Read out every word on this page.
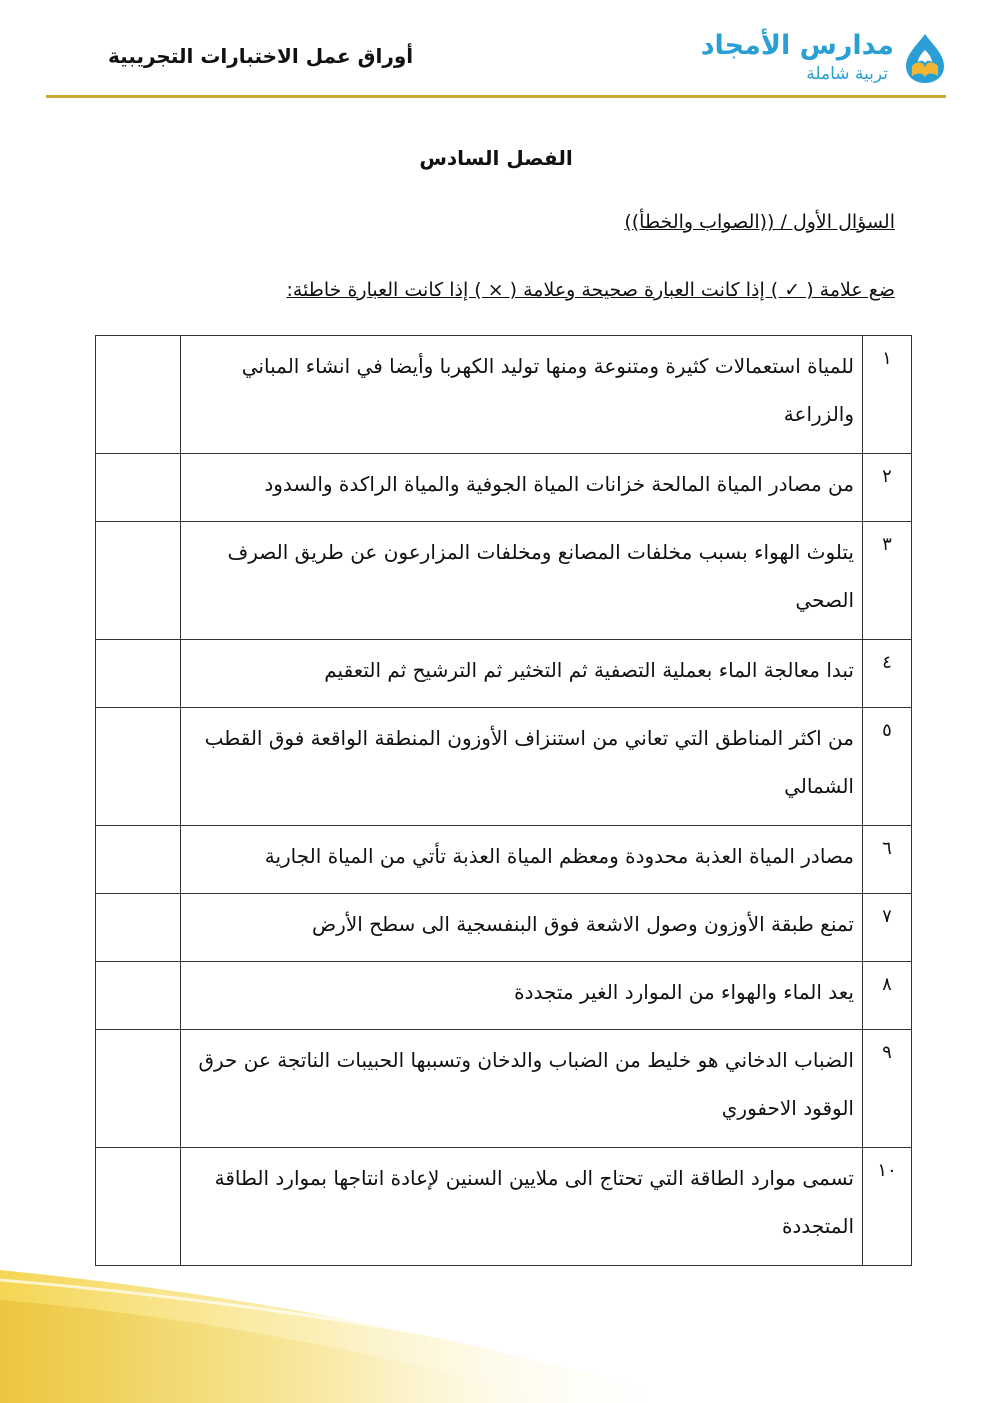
مدارس الأمجاد
تربية شاملة
أوراق عمل الاختبارات التجريبية
الفصل السادس
السؤال الأول / ((الصواب والخطأ))
ضع علامة ( ✓ ) إذا كانت العبارة صحيحة وعلامة ( × ) إذا كانت العبارة خاطئة:
١	للمياة استعمالات كثيرة ومتنوعة ومنها توليد الكهربا وأيضا في انشاء المباني والزراعة	
٢	من مصادر المياة المالحة خزانات المياة الجوفية والمياة الراكدة والسدود	
٣	يتلوث الهواء بسبب مخلفات المصانع ومخلفات المزارعون عن طريق الصرف الصحي	
٤	تبدا معالجة الماء بعملية التصفية ثم التخثير ثم الترشيح ثم التعقيم	
٥	من اكثر المناطق التي تعاني من استنزاف الأوزون المنطقة الواقعة فوق القطب الشمالي	
٦	مصادر المياة العذبة محدودة ومعظم المياة العذبة تأتي من المياة الجارية	
٧	تمنع طبقة الأوزون وصول الاشعة فوق البنفسجية الى سطح الأرض	
٨	يعد الماء والهواء من الموارد الغير متجددة	
٩	الضباب الدخاني هو خليط من الضباب والدخان وتسببها الحبيبات الناتجة عن حرق الوقود الاحفوري	
١٠	تسمى موارد الطاقة التي تحتاج الى ملايين السنين لإعادة انتاجها بموارد الطاقة المتجددة	
